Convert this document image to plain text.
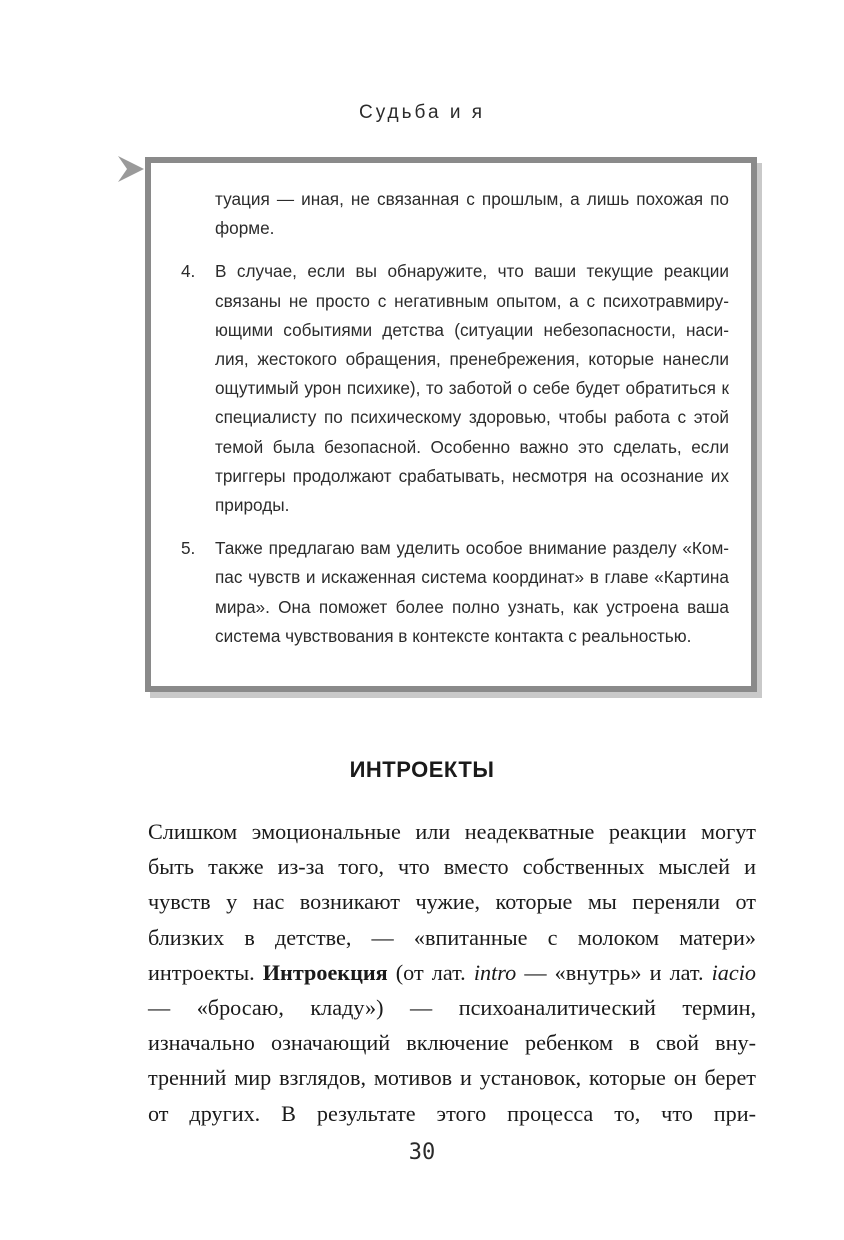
Судьба и я
туация — иная, не связанная с прошлым, а лишь похожая по форме.
4.	В случае, если вы обнаружите, что ваши текущие реакции связаны не просто с негативным опытом, а с психотравмирующими событиями детства (ситуации небезопасности, насилия, жестокого обращения, пренебрежения, которые нанесли ощутимый урон психике), то заботой о себе будет обратиться к специалисту по психическому здоровью, чтобы работа с этой темой была безопасной. Особенно важно это сделать, если триггеры продолжают срабатывать, несмотря на осознание их природы.
5.	Также предлагаю вам уделить особое внимание разделу «Компас чувств и искаженная система координат» в главе «Картина мира». Она поможет более полно узнать, как устроена ваша система чувствования в контексте контакта с реальностью.
ИНТРОЕКТЫ

Слишком эмоциональные или неадекватные реакции могут быть также из-за того, что вместо собственных мыслей и чувств у нас возникают чужие, которые мы переняли от близких в детстве, — «впитанные с молоком матери» интроекты. Интроекция (от лат. intro — «внутрь» и лат. iacio — «бросаю, кладу») — психоаналитический термин, изначально означающий включение ребенком в свой внутренний мир взглядов, мотивов и установок, которые он берет от других. В результате этого процесса то, что при-

30
